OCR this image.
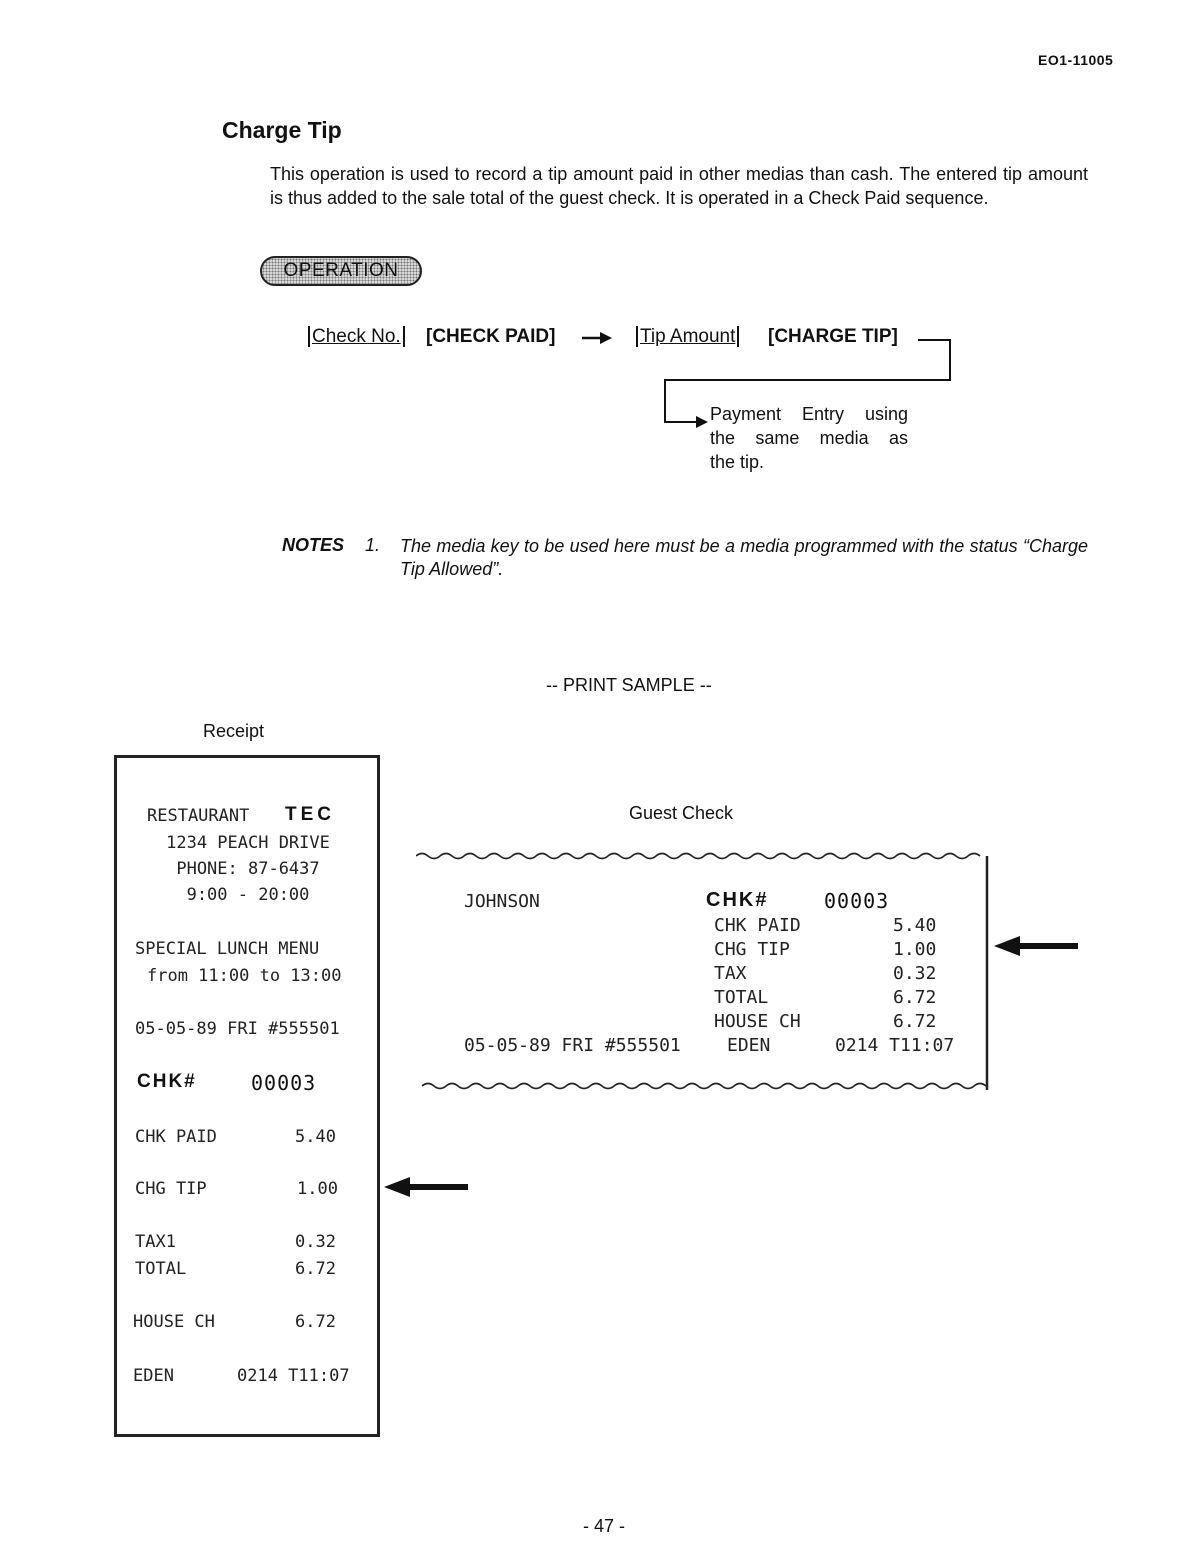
EO1-11005
Charge Tip
This operation is used to record a tip amount paid in other medias than cash. The entered tip amount is thus added to the sale total of the guest check. It is operated in a Check Paid sequence.
OPERATION
Check No. [CHECK PAID]	Tip Amount [CHARGE TIP]
Payment Entry using
the same media as
the tip.
NOTES 1. The media key to be used here must be a media programmed with the status “Charge Tip Allowed”.
-- PRINT SAMPLE --
Receipt
Guest Check
RESTAURANT TEC
1234 PEACH DRIVE
PHONE: 87-6437
9:00 - 20:00
SPECIAL LUNCH MENU
from 11:00 to 13:00
05-05-89 FRI #555501
CHK#	00003
CHK PAID	5.40
CHG TIP	1.00
TAX1	0.32
TOTAL	6.72
HOUSE CH	6.72
EDEN	0214 T11:07
JOHNSON	CHK#	00003
CHK PAID	5.40
CHG TIP	1.00
TAX	0.32
TOTAL	6.72
HOUSE CH	6.72
05-05-89 FRI #555501	EDEN	0214 T11:07
- 47 -
